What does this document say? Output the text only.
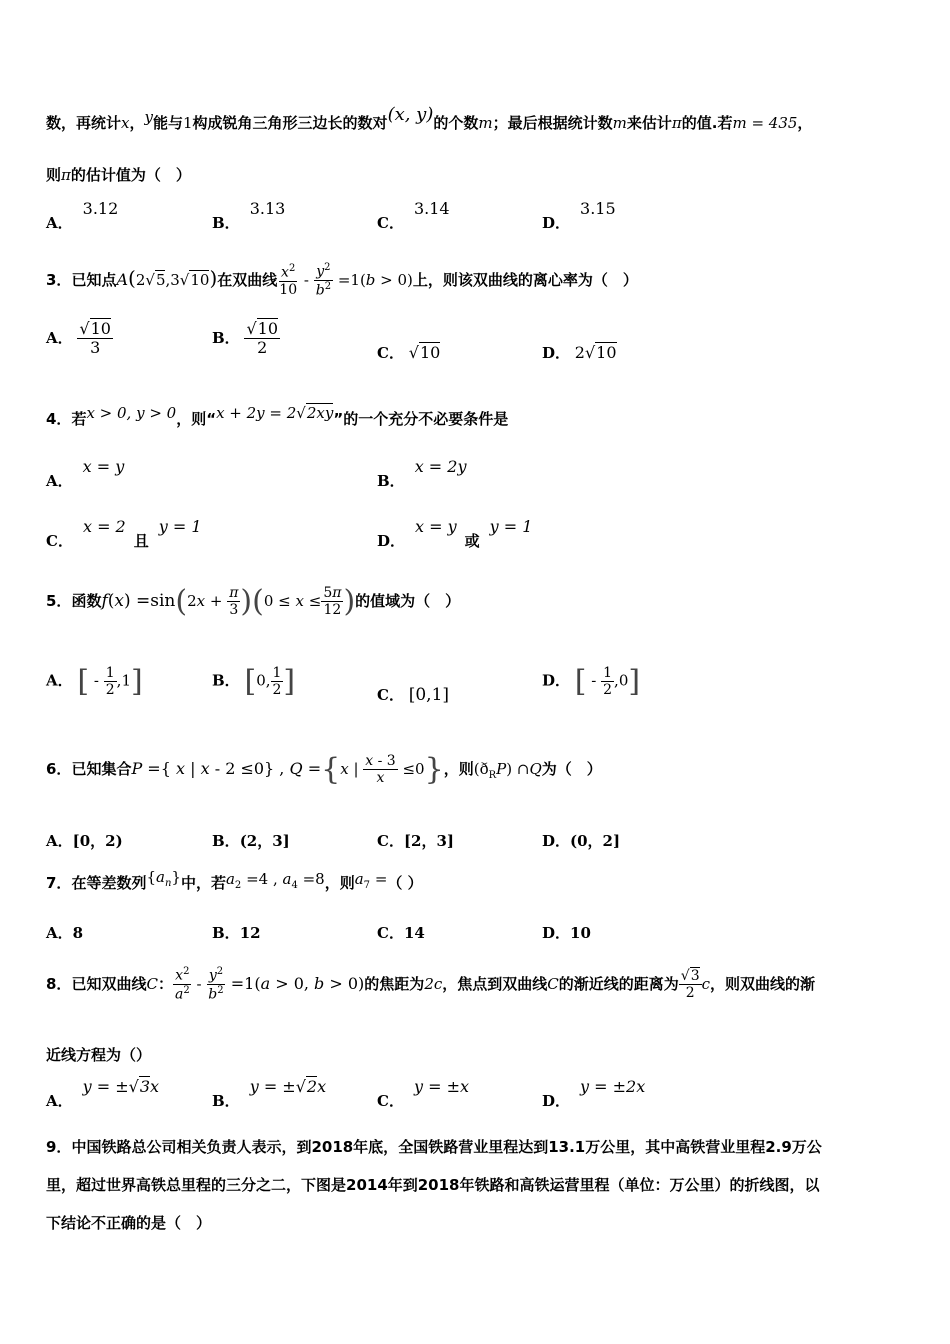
数，再统计x，y能与1构成锐角三角形三边长的数对(x, y)的个数m；最后根据统计数m来估计π的值.若m = 435，
则π的估计值为（　）
A．3.12
B．3.13
C．3.14
D．3.15
3．已知点A(2√5,3√10)在双曲线 $\frac{x^2}{10} - \frac{y^2}{b^2} =1(b > 0)$上，则该双曲线的离心率为（　）
A． $\frac{√10}{3}$	B． $\frac{√10}{2}$	C． √10	D． 2√10
4．若x > 0, y > 0，则“x + 2y = 2√2xy”的一个充分不必要条件是
A．x = y
B．x = 2y
C．x = 2且y = 1
D．x = y或y = 1
5．函数$f(x) =\sin(2x + \frac{\pi}{3} )(0 \le x \le \frac{5\pi}{12}$ )的值域为（　）
A． [ - $\frac{1}{2} ,1$]	B． [0, $\frac{1}{2}$ ]	C． [0,1]
D． [ - $\frac{1}{2} ,0$]
6．已知集合P ={ x | x - 2 ≤0} , Q ={x | $\frac{x - 3}{x} \le 0$}，则$(ð_RP)$ ∩Q为（　）
A．[0，2)	B．(2，3]	C．[2，3]	D．(0，2]
7．在等差数列$\{a_n\}$中，若$a_2 =4$ , $a_4 =8$，则$a_7$ =（ ）
A．8	B．12	C．14	D．10
8．已知双曲线C： $\frac{x^2}{a^2} - \frac{y^2}{b^2} =1(a > 0$, b > 0)的焦距为2c，焦点到双曲线C的渐近线的距离为 $\frac{√3}{2}$ c，则双曲线的渐
近线方程为（）
A．y = ±√3x
B．y = ±√2x
C．y = ±x
D．y = ±2x
9．中国铁路总公司相关负责人表示，到2018年底，全国铁路营业里程达到13.1万公里，其中高铁营业里程2.9万公
里，超过世界高铁总里程的三分之二，下图是2014年到2018年铁路和高铁运营里程（单位：万公里）的折线图，以
下结论不正确的是（　）
